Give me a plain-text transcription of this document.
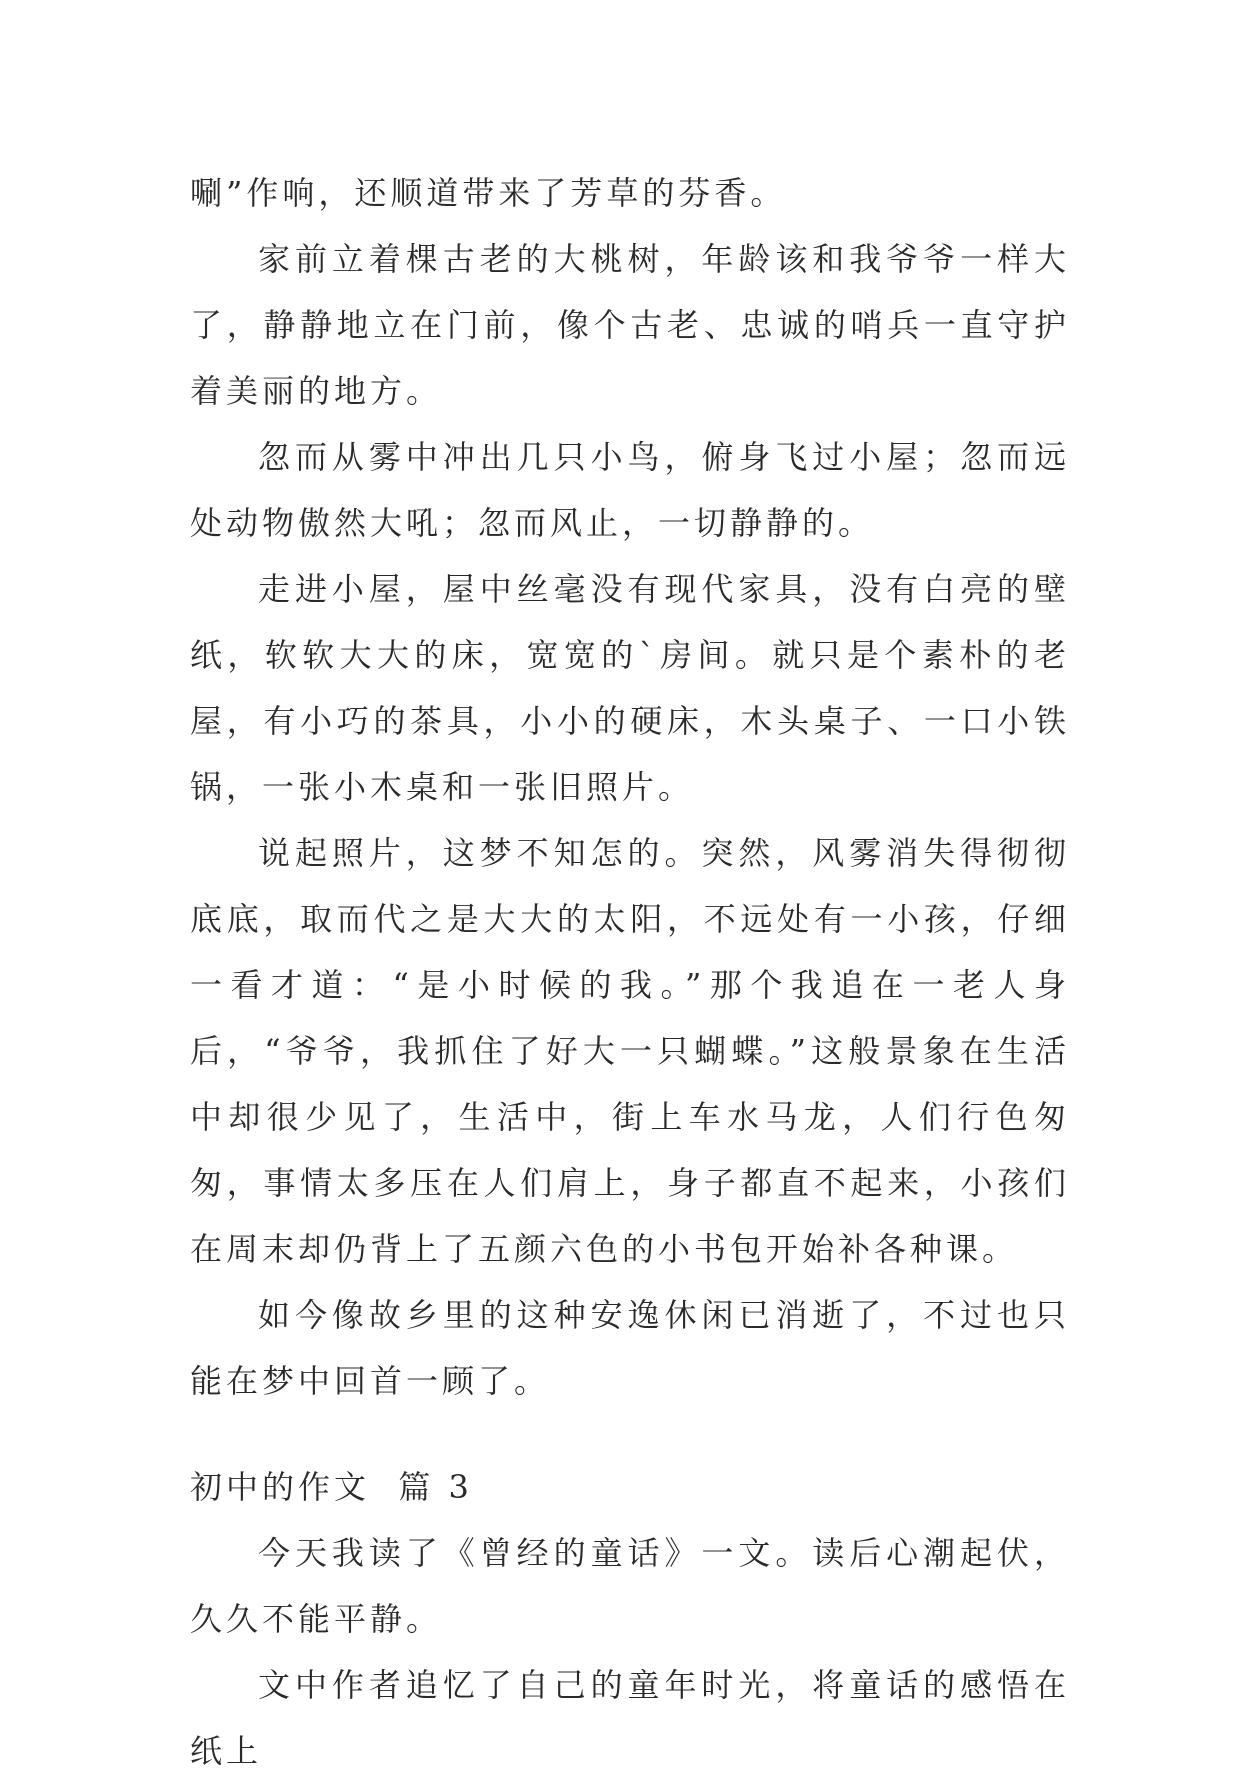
唰”作响，还顺道带来了芳草的芬香。

家前立着棵古老的大桃树，年龄该和我爷爷一样大了，静静地立在门前，像个古老、忠诚的哨兵一直守护着美丽的地方。

忽而从雾中冲出几只小鸟，俯身飞过小屋；忽而远处动物傲然大吼；忽而风止，一切静静的。

走进小屋，屋中丝毫没有现代家具，没有白亮的壁纸，软软大大的床，宽宽的`房间。就只是个素朴的老屋，有小巧的茶具，小小的硬床，木头桌子、一口小铁锅，一张小木桌和一张旧照片。

说起照片，这梦不知怎的。突然，风雾消失得彻彻底底，取而代之是大大的太阳，不远处有一小孩，仔细一看才道：“是小时候的我。”那个我追在一老人身后，“爷爷，我抓住了好大一只蝴蝶。”这般景象在生活中却很少见了，生活中，街上车水马龙，人们行色匆匆，事情太多压在人们肩上，身子都直不起来，小孩们在周末却仍背上了五颜六色的小书包开始补各种课。

如今像故乡里的这种安逸休闲已消逝了，不过也只能在梦中回首一顾了。

初中的作文  篇 3

今天我读了《曾经的童话》一文。读后心潮起伏，久久不能平静。

文中作者追忆了自己的童年时光，将童话的感悟在纸上
